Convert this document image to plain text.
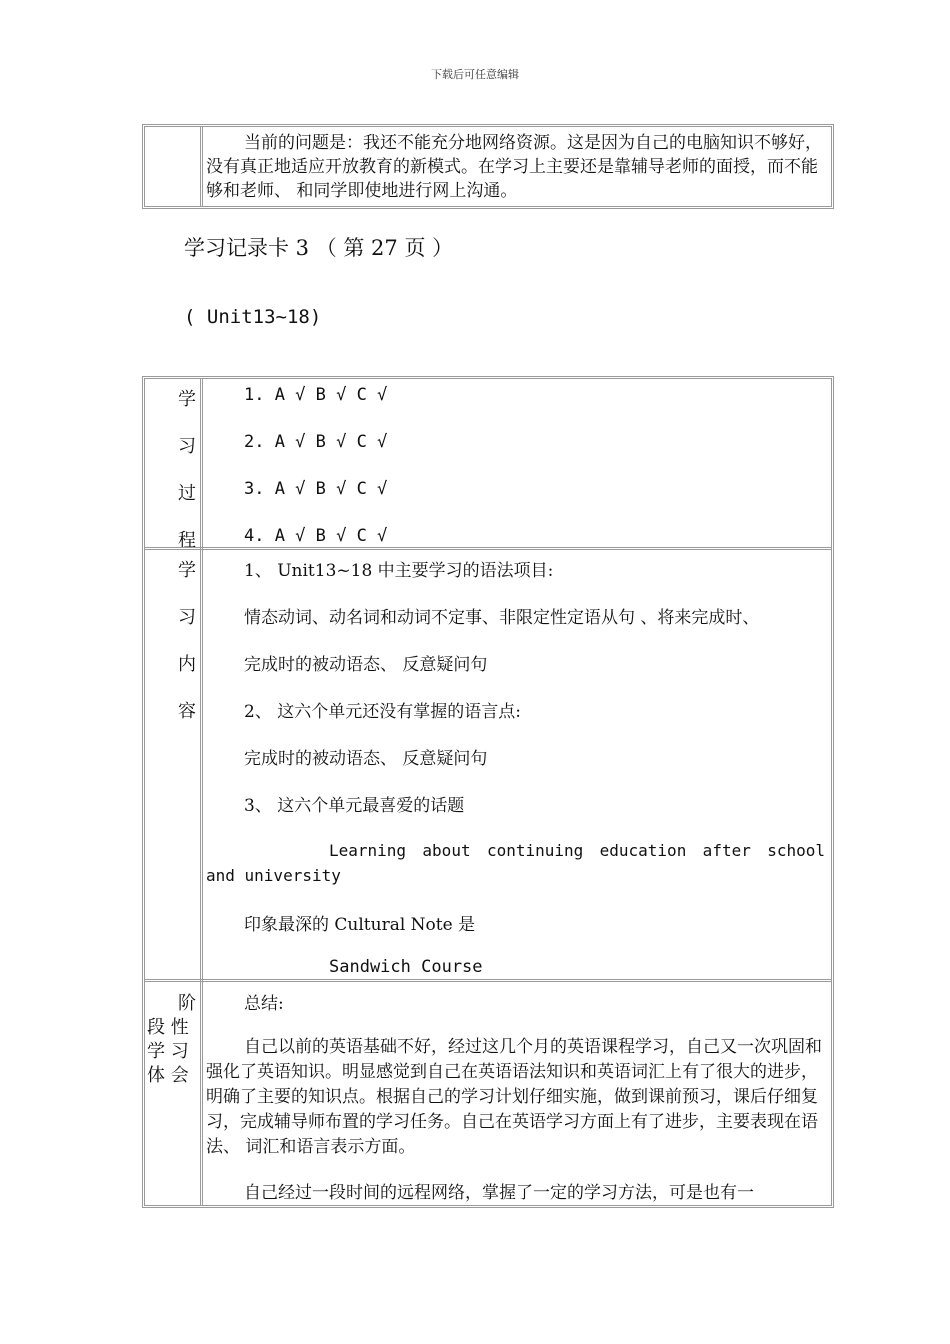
下载后可任意编辑

当前的问题是：我还不能充分地网络资源。这是因为自己的电脑知识不够好，没有真正地适应开放教育的新模式。在学习上主要还是靠辅导老师的面授，而不能够和老师、 和同学即使地进行网上沟通。

学习记录卡 3 （ 第 27 页 ）

( Unit13~18)

学
习
过
程
学
习
内
容
阶
段 性
学 习
体 会
1. A √ B √ C √
2. A √ B √ C √
3. A √ B √ C √
4. A √ B √ C √
1、 Unit13~18 中主要学习的语法项目:
情态动词、动名词和动词不定事、非限定性定语从句 、将来完成时、
完成时的被动语态、 反意疑问句
2、 这六个单元还没有掌握的语言点:
完成时的被动语态、 反意疑问句
3、 这六个单元最喜爱的话题

Learning about continuing education after school and university

印象最深的 Cultural Note 是
Sandwich Course
总结:

自己以前的英语基础不好，经过这几个月的英语课程学习，自己又一次巩固和强化了英语知识。明显感觉到自己在英语语法知识和英语词汇上有了很大的进步，明确了主要的知识点。根据自己的学习计划仔细实施，做到课前预习，课后仔细复习，完成辅导师布置的学习任务。自己在英语学习方面上有了进步，主要表现在语法、 词汇和语言表示方面。

自己经过一段时间的远程网络，掌握了一定的学习方法，可是也有一
